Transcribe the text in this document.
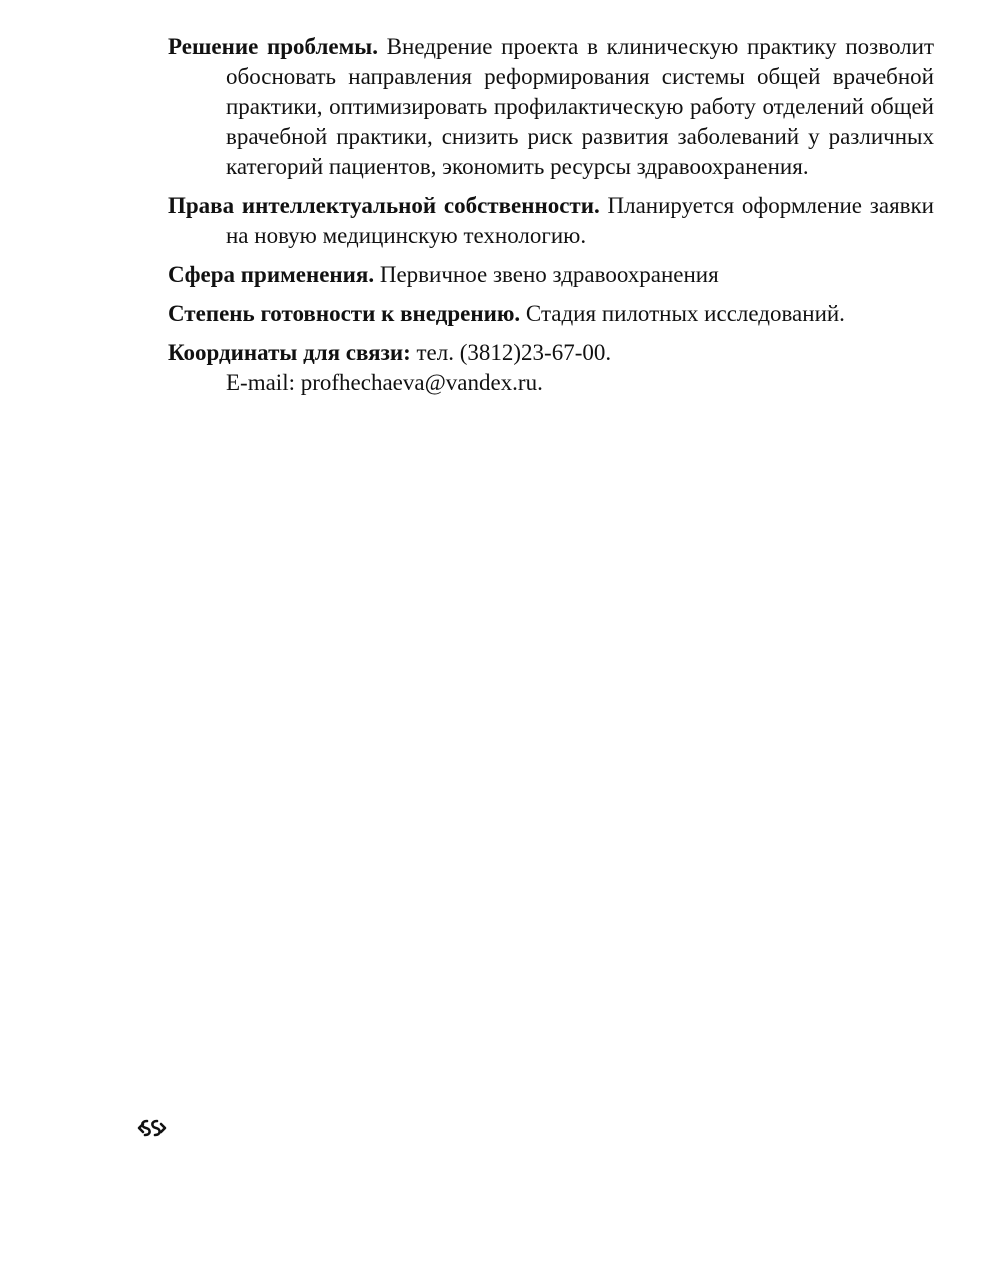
Решение проблемы. Внедрение проекта в клиническую практику позволит обосновать направления реформирования системы общей врачебной практики, оптимизировать профилактическую работу отделений общей врачебной практики, снизить риск развития заболеваний у различных категорий пациентов, экономить ресурсы здравоохранения.

Права интеллектуальной собственности. Планируется оформление заявки на новую медицинскую технологию.

Сфера применения. Первичное звено здравоохранения

Степень готовности к внедрению. Стадия пилотных исследований.

Координаты для связи: тел. (3812)23-67-00.

E-mail: profhechaeva@vandex.ru.
